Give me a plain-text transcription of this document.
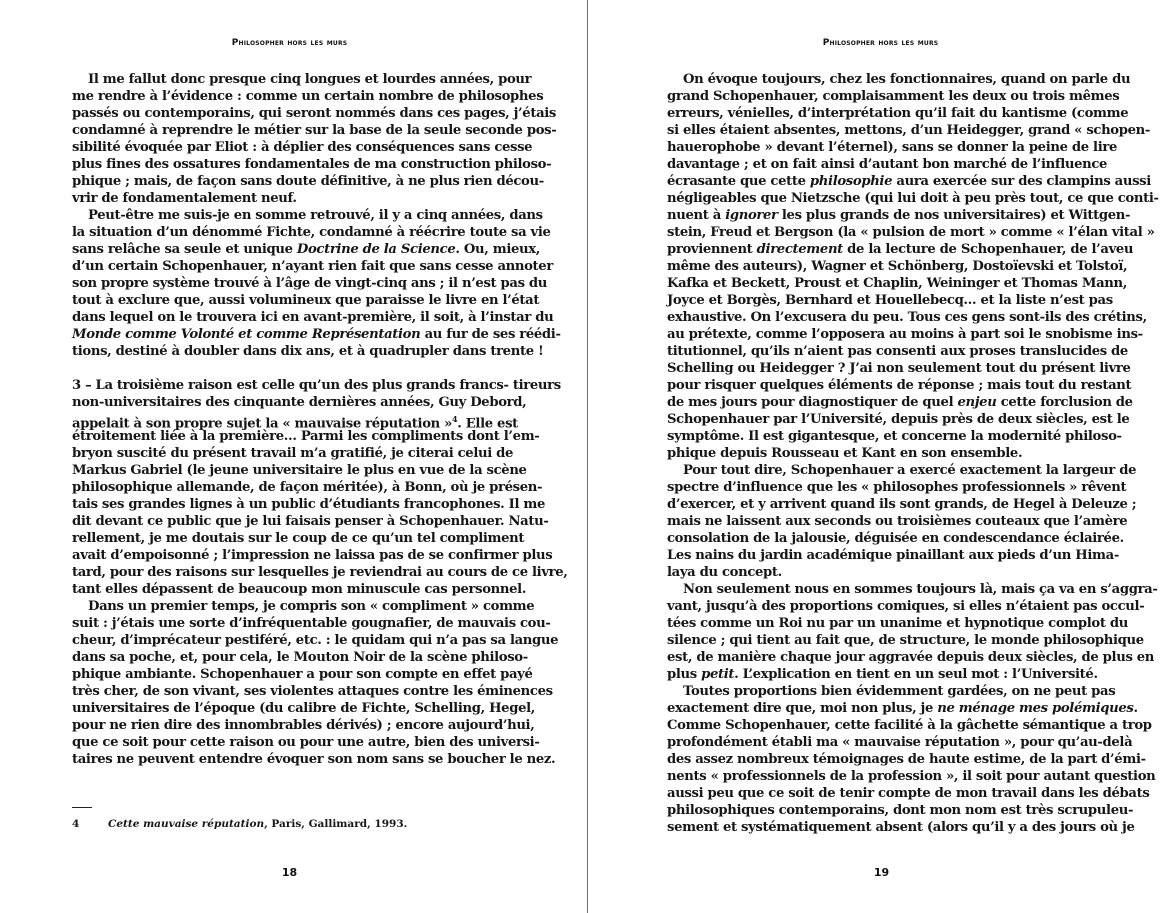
Philosopher hors les murs
Il me fallut donc presque cinq longues et lourdes années, pour
me rendre à l’évidence : comme un certain nombre de philosophes
passés ou contemporains, qui seront nommés dans ces pages, j’étais
condamné à reprendre le métier sur la base de la seule seconde pos-
sibilité évoquée par Eliot : à déplier des conséquences sans cesse
plus fines des ossatures fondamentales de ma construction philoso-
phique ; mais, de façon sans doute définitive, à ne plus rien décou-
vrir de fondamentalement neuf.
Peut-être me suis-je en somme retrouvé, il y a cinq années, dans
la situation d’un dénommé Fichte, condamné à réécrire toute sa vie
sans relâche sa seule et unique Doctrine de la Science. Ou, mieux,
d’un certain Schopenhauer, n’ayant rien fait que sans cesse annoter
son propre système trouvé à l’âge de vingt-cinq ans ; il n’est pas du
tout à exclure que, aussi volumineux que paraisse le livre en l’état
dans lequel on le trouvera ici en avant-première, il soit, à l’instar du
Monde comme Volonté et comme Représentation au fur de ses réédi-
tions, destiné à doubler dans dix ans, et à quadrupler dans trente !
3 – La troisième raison est celle qu’un des plus grands francs- tireurs
non-universitaires des cinquante dernières années, Guy Debord,
appelait à son propre sujet la « mauvaise réputation »$^4$. Elle est
étroitement liée à la première… Parmi les compliments dont l’em-
bryon suscité du présent travail m’a gratifié, je citerai celui de
Markus Gabriel (le jeune universitaire le plus en vue de la scène
philosophique allemande, de façon méritée), à Bonn, où je présen-
tais ses grandes lignes à un public d’étudiants francophones. Il me
dit devant ce public que je lui faisais penser à Schopenhauer. Natu-
rellement, je me doutais sur le coup de ce qu’un tel compliment
avait d’empoisonné ; l’impression ne laissa pas de se confirmer plus
tard, pour des raisons sur lesquelles je reviendrai au cours de ce livre,
tant elles dépassent de beaucoup mon minuscule cas personnel.
Dans un premier temps, je compris son « compliment » comme
suit : j’étais une sorte d’infréquentable gougnafier, de mauvais cou-
cheur, d’imprécateur pestiféré, etc. : le quidam qui n’a pas sa langue
dans sa poche, et, pour cela, le Mouton Noir de la scène philoso-
phique ambiante. Schopenhauer a pour son compte en effet payé
très cher, de son vivant, ses violentes attaques contre les éminences
universitaires de l’époque (du calibre de Fichte, Schelling, Hegel,
pour ne rien dire des innombrables dérivés) ; encore aujourd’hui,
que ce soit pour cette raison ou pour une autre, bien des universi-
taires ne peuvent entendre évoquer son nom sans se boucher le nez.
4	Cette mauvaise réputation, Paris, Gallimard, 1993.
18
Philosopher hors les murs
On évoque toujours, chez les fonctionnaires, quand on parle du
grand Schopenhauer, complaisamment les deux ou trois mêmes
erreurs, vénielles, d’interprétation qu’il fait du kantisme (comme
si elles étaient absentes, mettons, d’un Heidegger, grand « schopen-
hauerophobe » devant l’éternel), sans se donner la peine de lire
davantage ; et on fait ainsi d’autant bon marché de l’influence
écrasante que cette philosophie aura exercée sur des clampins aussi
négligeables que Nietzsche (qui lui doit à peu près tout, ce que conti-
nuent à ignorer les plus grands de nos universitaires) et Wittgen-
stein, Freud et Bergson (la « pulsion de mort » comme « l’élan vital »
proviennent directement de la lecture de Schopenhauer, de l’aveu
même des auteurs), Wagner et Schönberg, Dostoïevski et Tolstoï,
Kafka et Beckett, Proust et Chaplin, Weininger et Thomas Mann,
Joyce et Borgès, Bernhard et Houellebecq… et la liste n’est pas
exhaustive. On l’excusera du peu. Tous ces gens sont-ils des crétins,
au prétexte, comme l’opposera au moins à part soi le snobisme ins-
titutionnel, qu’ils n’aient pas consenti aux proses translucides de
Schelling ou Heidegger ? J’ai non seulement tout du présent livre
pour risquer quelques éléments de réponse ; mais tout du restant
de mes jours pour diagnostiquer de quel enjeu cette forclusion de
Schopenhauer par l’Université, depuis près de deux siècles, est le
symptôme. Il est gigantesque, et concerne la modernité philoso-
phique depuis Rousseau et Kant en son ensemble.
Pour tout dire, Schopenhauer a exercé exactement la largeur de
spectre d’influence que les « philosophes professionnels » rêvent
d’exercer, et y arrivent quand ils sont grands, de Hegel à Deleuze ;
mais ne laissent aux seconds ou troisièmes couteaux que l’amère
consolation de la jalousie, déguisée en condescendance éclairée.
Les nains du jardin académique pinaillant aux pieds d’un Hima-
laya du concept.
Non seulement nous en sommes toujours là, mais ça va en s’aggra-
vant, jusqu’à des proportions comiques, si elles n’étaient pas occul-
tées comme un Roi nu par un unanime et hypnotique complot du
silence ; qui tient au fait que, de structure, le monde philosophique
est, de manière chaque jour aggravée depuis deux siècles, de plus en
plus petit. L’explication en tient en un seul mot : l’Université.
Toutes proportions bien évidemment gardées, on ne peut pas
exactement dire que, moi non plus, je ne ménage mes polémiques.
Comme Schopenhauer, cette facilité à la gâchette sémantique a trop
profondément établi ma « mauvaise réputation », pour qu’au-delà
des assez nombreux témoignages de haute estime, de la part d’émi-
nents « professionnels de la profession », il soit pour autant question
aussi peu que ce soit de tenir compte de mon travail dans les débats
philosophiques contemporains, dont mon nom est très scrupuleu-
sement et systématiquement absent (alors qu’il y a des jours où je
19
